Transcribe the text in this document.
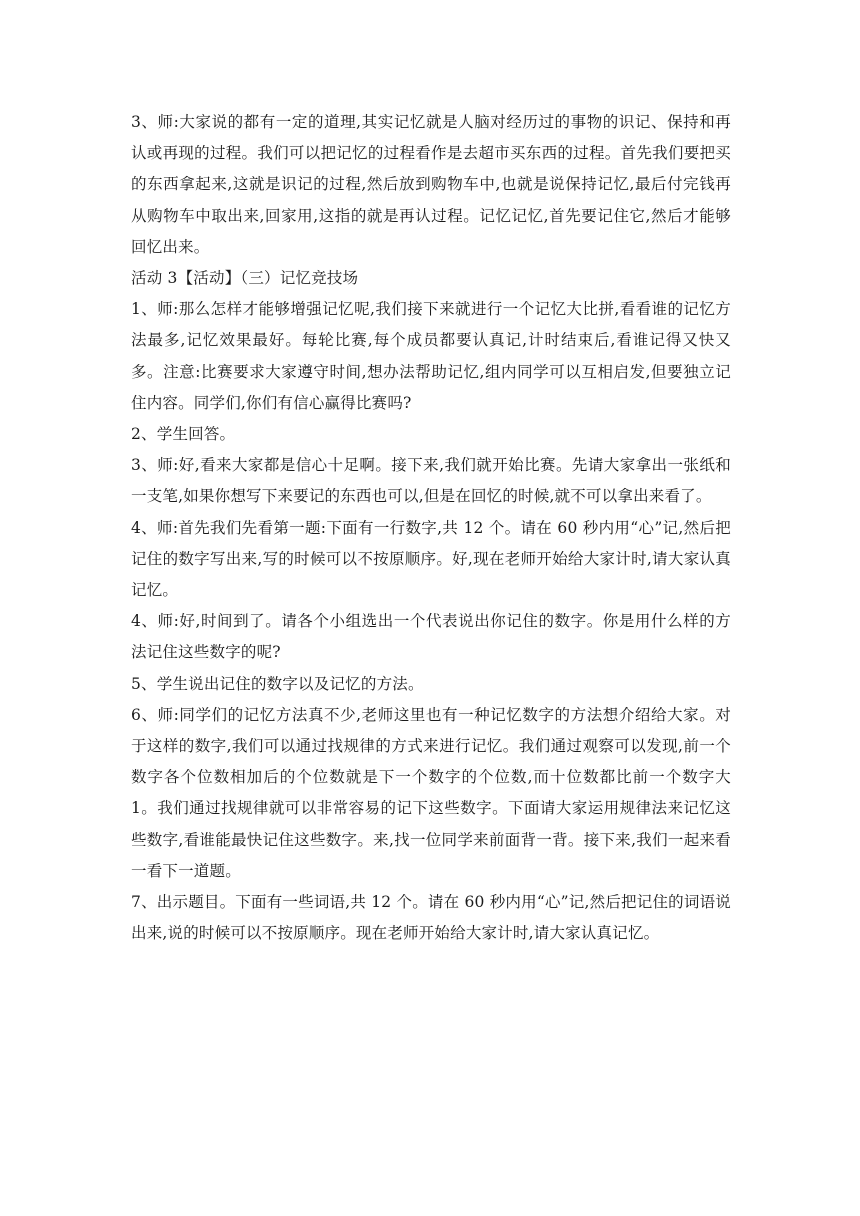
3、师:大家说的都有一定的道理,其实记忆就是人脑对经历过的事物的识记、保持和再认或再现的过程。我们可以把记忆的过程看作是去超市买东西的过程。首先我们要把买的东西拿起来,这就是识记的过程,然后放到购物车中,也就是说保持记忆,最后付完钱再从购物车中取出来,回家用,这指的就是再认过程。记忆记忆,首先要记住它,然后才能够回忆出来。

活动 3【活动】（三）记忆竞技场

1、师:那么怎样才能够增强记忆呢,我们接下来就进行一个记忆大比拼,看看谁的记忆方法最多,记忆效果最好。每轮比赛,每个成员都要认真记,计时结束后,看谁记得又快又多。注意:比赛要求大家遵守时间,想办法帮助记忆,组内同学可以互相启发,但要独立记住内容。同学们,你们有信心赢得比赛吗?

2、学生回答。

3、师:好,看来大家都是信心十足啊。接下来,我们就开始比赛。先请大家拿出一张纸和一支笔,如果你想写下来要记的东西也可以,但是在回忆的时候,就不可以拿出来看了。

4、师:首先我们先看第一题:下面有一行数字,共 12 个。请在 60 秒内用“心”记,然后把记住的数字写出来,写的时候可以不按原顺序。好,现在老师开始给大家计时,请大家认真记忆。

4、师:好,时间到了。请各个小组选出一个代表说出你记住的数字。你是用什么样的方法记住这些数字的呢?

5、学生说出记住的数字以及记忆的方法。

6、师:同学们的记忆方法真不少,老师这里也有一种记忆数字的方法想介绍给大家。对于这样的数字,我们可以通过找规律的方式来进行记忆。我们通过观察可以发现,前一个数字各个位数相加后的个位数就是下一个数字的个位数,而十位数都比前一个数字大 1。我们通过找规律就可以非常容易的记下这些数字。下面请大家运用规律法来记忆这些数字,看谁能最快记住这些数字。来,找一位同学来前面背一背。接下来,我们一起来看一看下一道题。

7、出示题目。下面有一些词语,共 12 个。请在 60 秒内用“心”记,然后把记住的词语说出来,说的时候可以不按原顺序。现在老师开始给大家计时,请大家认真记忆。
